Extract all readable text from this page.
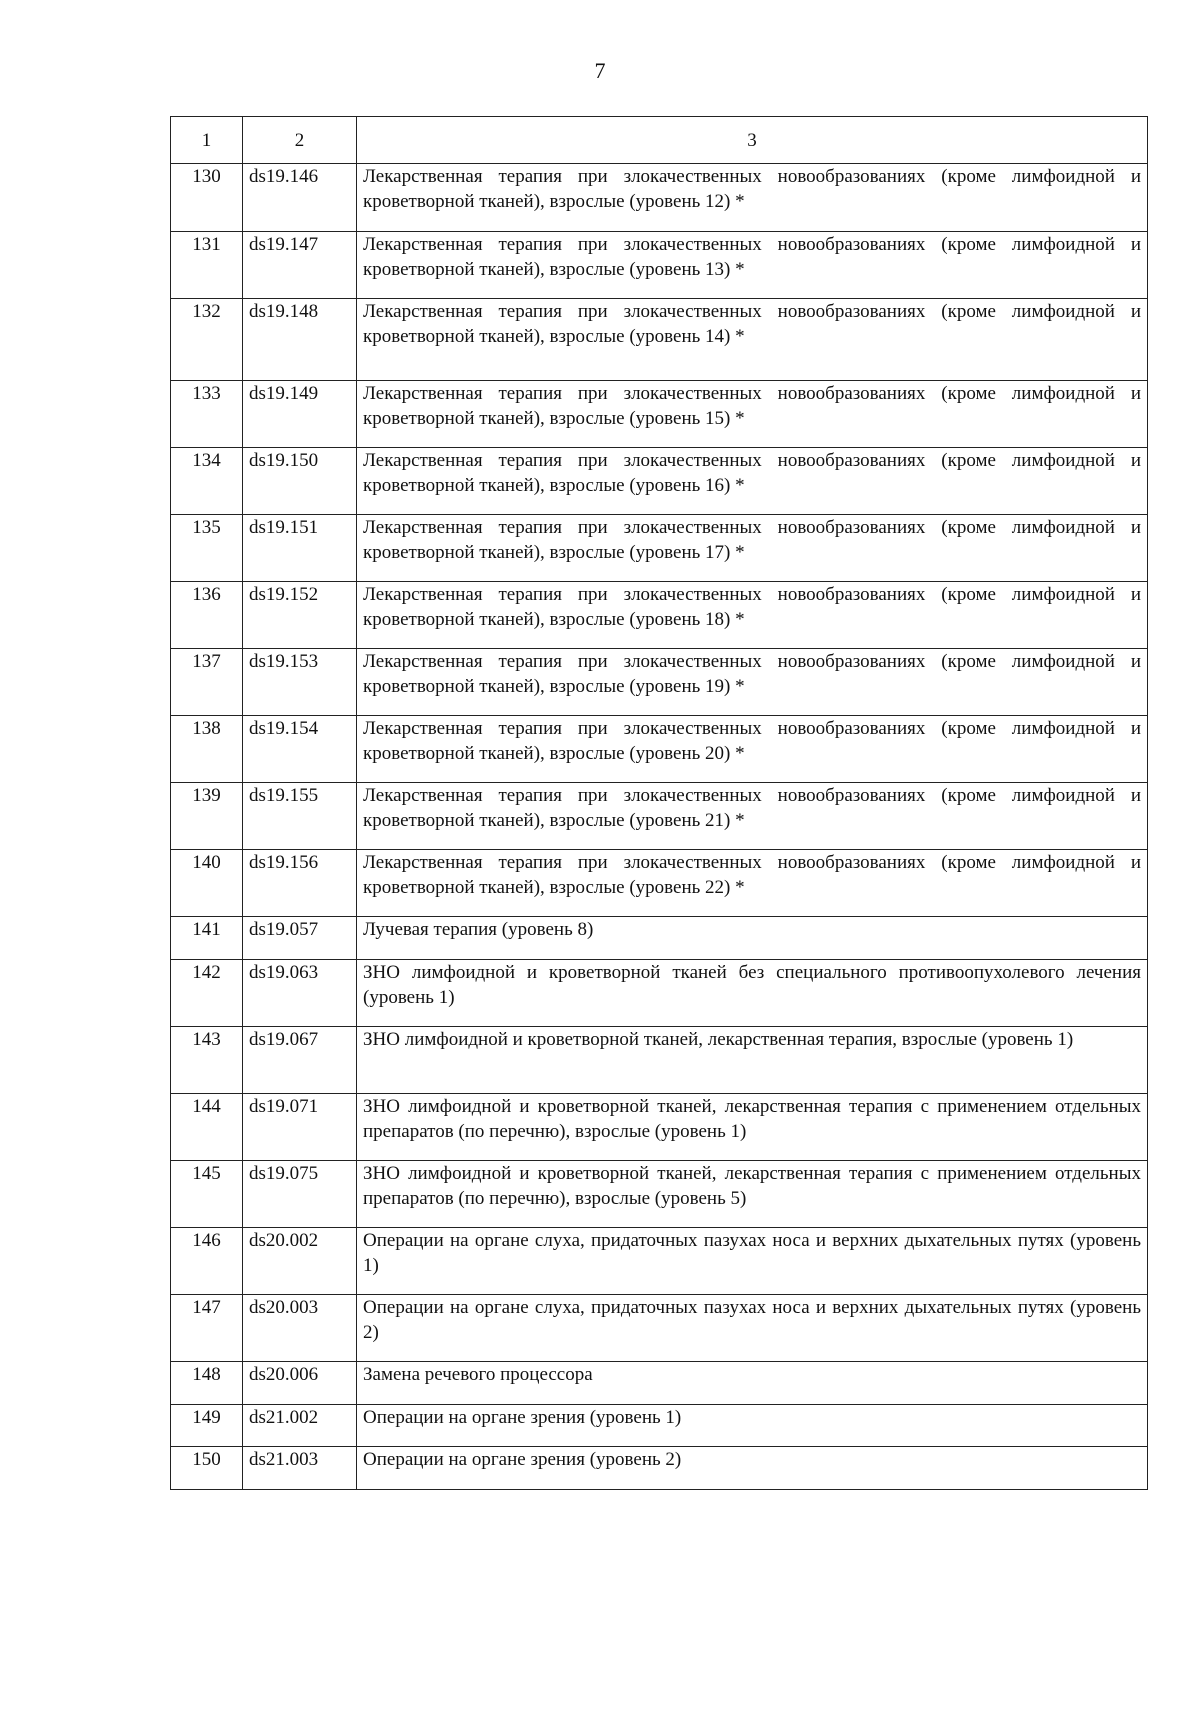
7
1	2	3
130	ds19.146	Лекарственная терапия при злокачественных новообразованиях (кроме лимфоидной и кроветворной тканей), взрослые (уровень 12) *
131	ds19.147	Лекарственная терапия при злокачественных новообразованиях (кроме лимфоидной и кроветворной тканей), взрослые (уровень 13) *
132	ds19.148	Лекарственная терапия при злокачественных новообразованиях (кроме лимфоидной и кроветворной тканей), взрослые (уровень 14) *
133	ds19.149	Лекарственная терапия при злокачественных новообразованиях (кроме лимфоидной и кроветворной тканей), взрослые (уровень 15) *
134	ds19.150	Лекарственная терапия при злокачественных новообразованиях (кроме лимфоидной и кроветворной тканей), взрослые (уровень 16) *
135	ds19.151	Лекарственная терапия при злокачественных новообразованиях (кроме лимфоидной и кроветворной тканей), взрослые (уровень 17) *
136	ds19.152	Лекарственная терапия при злокачественных новообразованиях (кроме лимфоидной и кроветворной тканей), взрослые (уровень 18) *
137	ds19.153	Лекарственная терапия при злокачественных новообразованиях (кроме лимфоидной и кроветворной тканей), взрослые (уровень 19) *
138	ds19.154	Лекарственная терапия при злокачественных новообразованиях (кроме лимфоидной и кроветворной тканей), взрослые (уровень 20) *
139	ds19.155	Лекарственная терапия при злокачественных новообразованиях (кроме лимфоидной и кроветворной тканей), взрослые (уровень 21) *
140	ds19.156	Лекарственная терапия при злокачественных новообразованиях (кроме лимфоидной и кроветворной тканей), взрослые (уровень 22) *
141	ds19.057	Лучевая терапия (уровень 8)
142	ds19.063	ЗНО лимфоидной и кроветворной тканей без специального противоопухолевого лечения (уровень 1)
143	ds19.067	ЗНО лимфоидной и кроветворной тканей, лекарственная терапия, взрослые (уровень 1)
144	ds19.071	ЗНО лимфоидной и кроветворной тканей, лекарственная терапия с применением отдельных препаратов (по перечню), взрослые (уровень 1)
145	ds19.075	ЗНО лимфоидной и кроветворной тканей, лекарственная терапия с применением отдельных препаратов (по перечню), взрослые (уровень 5)
146	ds20.002	Операции на органе слуха, придаточных пазухах носа и верхних дыхательных путях (уровень 1)
147	ds20.003	Операции на органе слуха, придаточных пазухах носа и верхних дыхательных путях (уровень 2)
148	ds20.006	Замена речевого процессора
149	ds21.002	Операции на органе зрения (уровень 1)
150	ds21.003	Операции на органе зрения (уровень 2)
